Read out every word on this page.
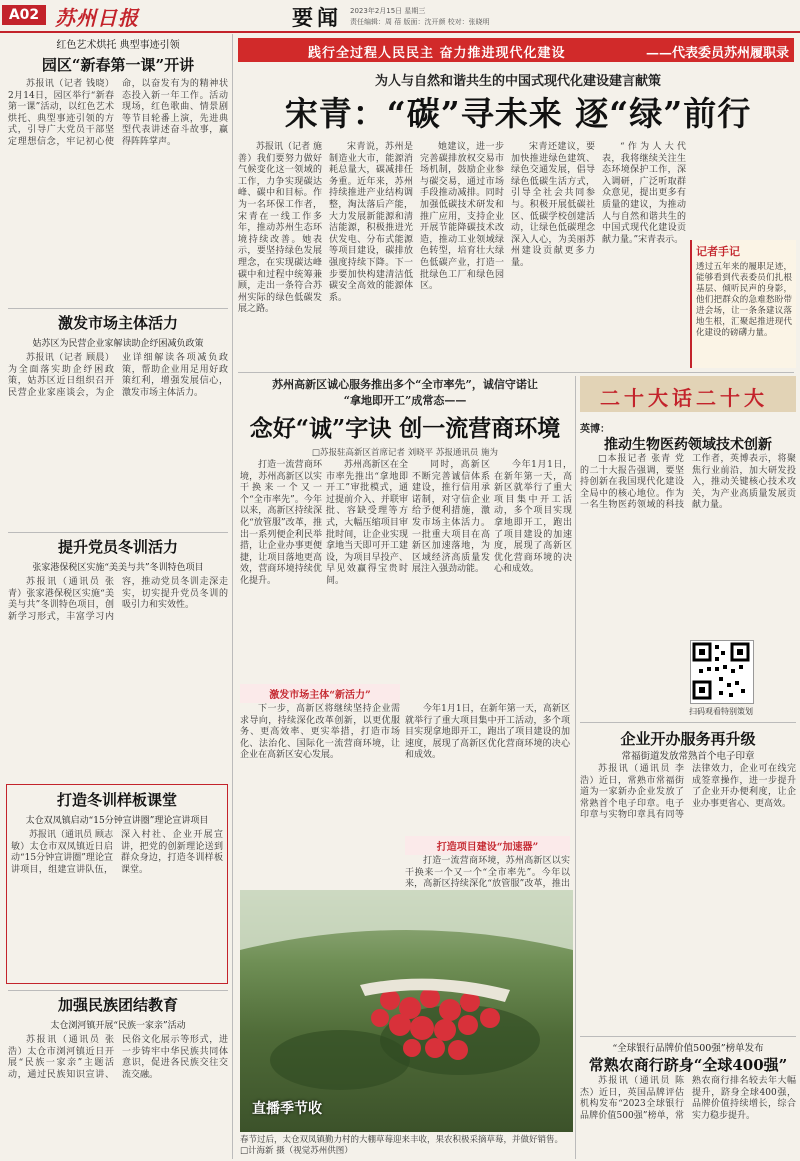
A02 苏州日报	要闻 2023年2月15日 星期三
责任编辑：周 蓓 版面：沈开颜 校对：张晓明
红色艺术烘托 典型事迹引领
园区“新春第一课”开讲

苏报讯（记者 钱晓）2月14日，园区举行“新春第一课”活动，以红色艺术烘托、典型事迹引领的方式，引导广大党员干部坚定理想信念，牢记初心使命，以奋发有为的精神状态投入新一年工作。活动现场，红色歌曲、情景剧等节目轮番上演，先进典型代表讲述奋斗故事，赢得阵阵掌声。

激发市场主体活力
姑苏区为民营企业家解读助企纾困减负政策

苏报讯（记者 顾晨）为全面落实助企纾困政策，姑苏区近日组织召开民营企业家座谈会，为企业详细解读各项减负政策，帮助企业用足用好政策红利，增强发展信心，激发市场主体活力。

提升党员冬训活力
张家港保税区实施“美美与共”冬训特色项目

苏报讯（通讯员 张青）张家港保税区实施“美美与共”冬训特色项目，创新学习形式，丰富学习内容，推动党员冬训走深走实，切实提升党员冬训的吸引力和实效性。

打造冬训样板课堂
太仓双凤镇启动“15分钟宣讲圈”理论宣讲项目

苏报讯（通讯员 顾志敏）太仓市双凤镇近日启动“15分钟宣讲圈”理论宣讲项目，组建宣讲队伍，深入村社、企业开展宣讲，把党的创新理论送到群众身边，打造冬训样板课堂。

加强民族团结教育
太仓浏河镇开展“民族一家亲”活动

苏报讯（通讯员 张浩）太仓市浏河镇近日开展“民族一家亲”主题活动，通过民族知识宣讲、民俗文化展示等形式，进一步铸牢中华民族共同体意识，促进各民族交往交流交融。

践行全过程人民民主 奋力推进现代化建设	——代表委员苏州履职录
为人与自然和谐共生的中国式现代化建设建言献策
宋青：“碳”寻未来 逐“绿”前行

苏报讯（记者 施善）我们要努力做好气候变化这一领域的工作，力争实现碳达峰、碳中和目标。作为一名环保工作者，宋青在一线工作多年，推动苏州生态环境持续改善。她表示，要坚持绿色发展理念，在实现碳达峰碳中和过程中统筹兼顾，走出一条符合苏州实际的绿色低碳发展之路。

宋青说，苏州是制造业大市，能源消耗总量大，碳减排任务重。近年来，苏州持续推进产业结构调整，淘汰落后产能，大力发展新能源和清洁能源，积极推进光伏发电、分布式能源等项目建设，碳排放强度持续下降。下一步要加快构建清洁低碳安全高效的能源体系。

她建议，进一步完善碳排放权交易市场机制，鼓励企业参与碳交易，通过市场手段推动减排。同时加强低碳技术研发和推广应用，支持企业开展节能降碳技术改造，推动工业领域绿色转型，培育壮大绿色低碳产业，打造一批绿色工厂和绿色园区。

宋青还建议，要加快推进绿色建筑、绿色交通发展，倡导绿色低碳生活方式，引导全社会共同参与。积极开展低碳社区、低碳学校创建活动，让绿色低碳理念深入人心，为美丽苏州建设贡献更多力量。

“作为人大代表，我将继续关注生态环境保护工作，深入调研，广泛听取群众意见，提出更多有质量的建议，为推动人与自然和谐共生的中国式现代化建设贡献力量。”宋青表示。

记者手记
透过五年来的履职足迹，能够看到代表委员们扎根基层、倾听民声的身影，他们把群众的急难愁盼带进会场，让一条条建议落地生根，汇聚起推进现代化建设的磅礴力量。
苏州高新区诚心服务推出多个“全市率先”，诚信守诺让
“拿地即开工”成常态——
念好“诚”字诀 创一流营商环境
□苏报驻高新区首席记者 刘晓平 苏报通讯员 施为

打造一流营商环境，苏州高新区以实干换来一个又一个“全市率先”。今年以来，高新区持续深化“放管服”改革，推出一系列便企利民举措，让企业办事更便捷，让项目落地更高效，营商环境持续优化提升。

苏州高新区在全市率先推出“拿地即开工”审批模式，通过提前介入、并联审批、容缺受理等方式，大幅压缩项目审批时间，让企业实现拿地当天即可开工建设，为项目早投产、早见效赢得宝贵时间。

同时，高新区不断完善诚信体系建设，推行信用承诺制，对守信企业给予便利措施，激发市场主体活力。一批重大项目在高新区加速落地，为区域经济高质量发展注入强劲动能。

今年1月1日，在新年第一天，高新区就举行了重大项目集中开工活动，多个项目实现拿地即开工，跑出了项目建设的加速度，展现了高新区优化营商环境的决心和成效。

激发市场主体“新活力”

下一步，高新区将继续坚持企业需求导向，持续深化改革创新，以更优服务、更高效率、更实举措，打造市场化、法治化、国际化一流营商环境，让企业在高新区安心发展。

打造项目建设“加速器”

今年1月1日，在新年第一天，高新区就举行了重大项目集中开工活动，多个项目实现拿地即开工，跑出了项目建设的加速度，展现了高新区优化营商环境的决心和成效。

打造一流营商环境，苏州高新区以实干换来一个又一个“全市率先”。今年以来，高新区持续深化“放管服”改革，推出

直播季节收
春节过后，太仓双凤镇勤力村的大棚草莓迎来丰收，果农积极采摘草莓，并做好销售。 □计海新 摄（视觉苏州供图）
二十大话二十大
英博：
推动生物医药领域技术创新

□本报记者 张青 党的二十大报告强调，要坚持创新在我国现代化建设全局中的核心地位。作为一名生物医药领域的科技工作者，英博表示，将聚焦行业前沿，加大研发投入，推动关键核心技术攻关，为产业高质量发展贡献力量。

扫码观看特别策划
企业开办服务再升级
常福街道发放常熟首个电子印章

苏报讯（通讯员 李浩）近日，常熟市常福街道为一家新办企业发放了常熟首个电子印章。电子印章与实物印章具有同等法律效力，企业可在线完成签章操作，进一步提升了企业开办便利度，让企业办事更省心、更高效。

“全球银行品牌价值500强”榜单发布
常熟农商行跻身“全球400强”

苏报讯（通讯员 陈杰）近日，英国品牌评估机构发布“2023全球银行品牌价值500强”榜单，常熟农商行排名较去年大幅提升，跻身全球400强，品牌价值持续增长，综合实力稳步提升。
